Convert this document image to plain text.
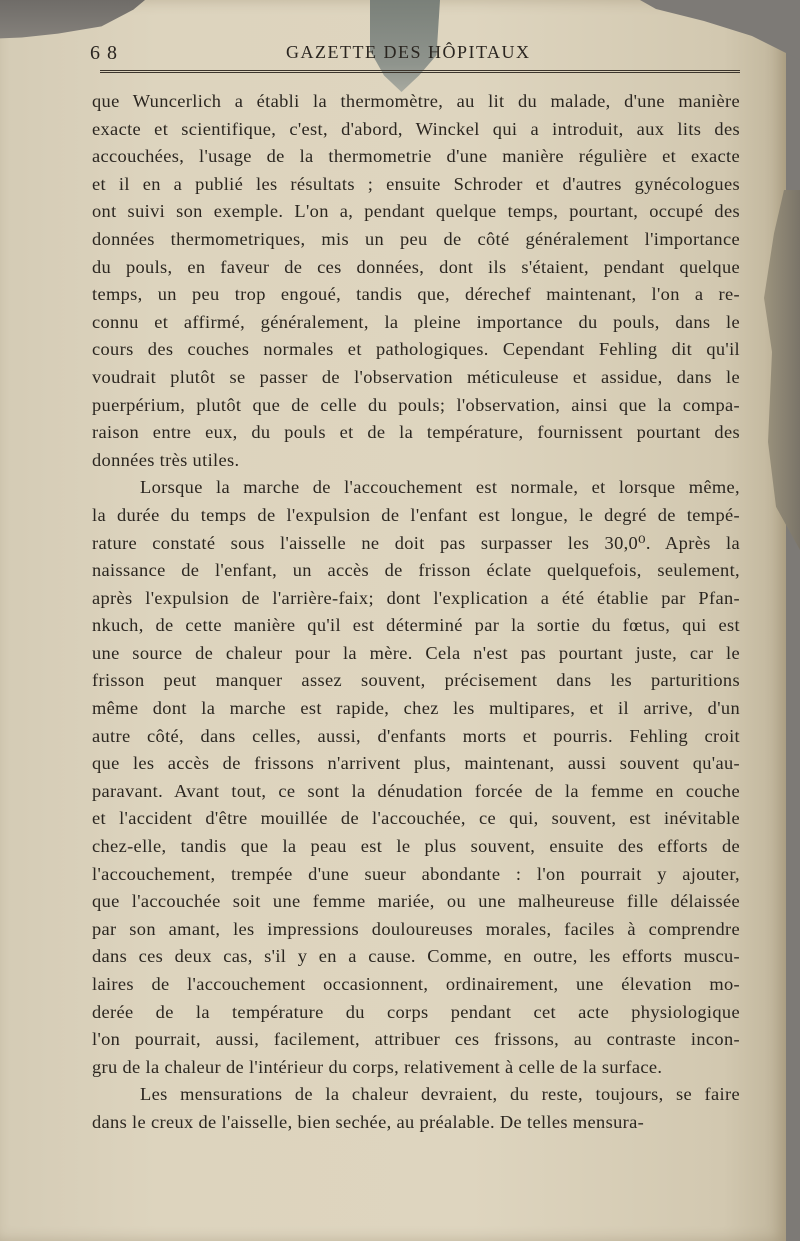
6 8	GAZETTE DES HÔPITAUX
que Wuncerlich a établi la thermomètre, au lit du malade, d'une manière
exacte et scientifique, c'est, d'abord, Winckel qui a introduit, aux lits des
accouchées, l'usage de la thermometrie d'une manière régulière et exacte
et il en a publié les résultats ; ensuite Schroder et d'autres gynécologues
ont suivi son exemple. L'on a, pendant quelque temps, pourtant, occupé des
données thermometriques, mis un peu de côté généralement l'importance
du pouls, en faveur de ces données, dont ils s'étaient, pendant quelque
temps, un peu trop engoué, tandis que, dérechef maintenant, l'on a re-
connu et affirmé, généralement, la pleine importance du pouls, dans le
cours des couches normales et pathologiques. Cependant Fehling dit qu'il
voudrait plutôt se passer de l'observation méticuleuse et assidue, dans le
puerpérium, plutôt que de celle du pouls; l'observation, ainsi que la compa-
raison entre eux, du pouls et de la température, fournissent pourtant des
données très utiles.
Lorsque la marche de l'accouchement est normale, et lorsque même,
la durée du temps de l'expulsion de l'enfant est longue, le degré de tempé-
rature constaté sous l'aisselle ne doit pas surpasser les 30,0⁰. Après la
naissance de l'enfant, un accès de frisson éclate quelquefois, seulement,
après l'expulsion de l'arrière-faix; dont l'explication a été établie par Pfan-
nkuch, de cette manière qu'il est déterminé par la sortie du fœtus, qui est
une source de chaleur pour la mère. Cela n'est pas pourtant juste, car le
frisson peut manquer assez souvent, précisement dans les parturitions
même dont la marche est rapide, chez les multipares, et il arrive, d'un
autre côté, dans celles, aussi, d'enfants morts et pourris. Fehling croit
que les accès de frissons n'arrivent plus, maintenant, aussi souvent qu'au-
paravant. Avant tout, ce sont la dénudation forcée de la femme en couche
et l'accident d'être mouillée de l'accouchée, ce qui, souvent, est inévitable
chez-elle, tandis que la peau est le plus souvent, ensuite des efforts de
l'accouchement, trempée d'une sueur abondante : l'on pourrait y ajouter,
que l'accouchée soit une femme mariée, ou une malheureuse fille délaissée
par son amant, les impressions douloureuses morales, faciles à comprendre
dans ces deux cas, s'il y en a cause. Comme, en outre, les efforts muscu-
laires de l'accouchement occasionnent, ordinairement, une élevation mo-
derée de la température du corps pendant cet acte physiologique
l'on pourrait, aussi, facilement, attribuer ces frissons, au contraste incon-
gru de la chaleur de l'intérieur du corps, relativement à celle de la surface.
Les mensurations de la chaleur devraient, du reste, toujours, se faire
dans le creux de l'aisselle, bien sechée, au préalable. De telles mensura-
